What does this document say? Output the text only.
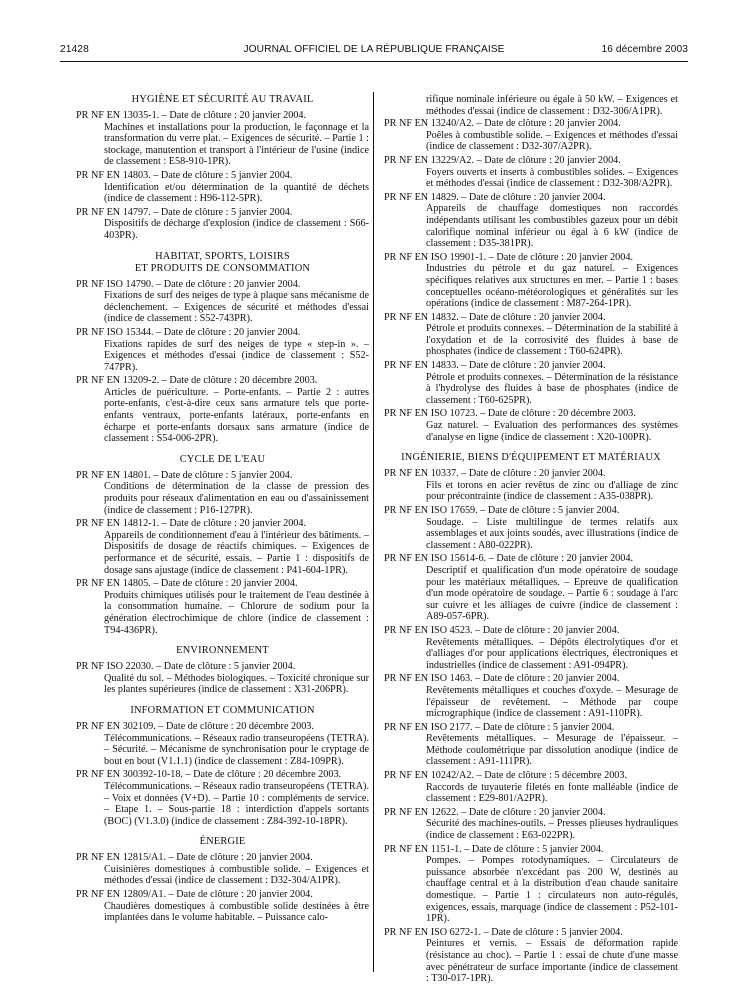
21428	JOURNAL OFFICIEL DE LA RÉPUBLIQUE FRANÇAISE	16 décembre 2003
HYGIÈNE ET SÉCURITÉ AU TRAVAIL
PR NF EN 13035-1. – Date de clôture : 20 janvier 2004.
Machines et installations pour la production, le façonnage et la transformation du verre plat. – Exigences de sécurité. – Partie 1 : stockage, manutention et transport à l'intérieur de l'usine (indice de classement : E58-910-1PR).
PR NF EN 14803. – Date de clôture : 5 janvier 2004.
Identification et/ou détermination de la quantité de déchets (indice de classement : H96-112-5PR).
PR NF EN 14797. – Date de clôture : 5 janvier 2004.
Dispositifs de décharge d'explosion (indice de classement : S66-403PR).
HABITAT, SPORTS, LOISIRS
ET PRODUITS DE CONSOMMATION
PR NF ISO 14790. – Date de clôture : 20 janvier 2004.
Fixations de surf des neiges de type à plaque sans mécanisme de déclenchement. – Exigences de sécurité et méthodes d'essai (indice de classement : S52-743PR).
PR NF ISO 15344. – Date de clôture : 20 janvier 2004.
Fixations rapides de surf des neiges de type « step-in ». – Exigences et méthodes d'essai (indice de classement : S52-747PR).
PR NF EN 13209-2. – Date de clôture : 20 décembre 2003.
Articles de puériculture. – Porte-enfants. – Partie 2 : autres porte-enfants, c'est-à-dire ceux sans armature tels que porte-enfants ventraux, porte-enfants latéraux, porte-enfants en écharpe et porte-enfants dorsaux sans armature (indice de classement : S54-006-2PR).
CYCLE DE L'EAU
PR NF EN 14801. – Date de clôture : 5 janvier 2004.
Conditions de détermination de la classe de pression des produits pour réseaux d'alimentation en eau ou d'assainissement (indice de classement : P16-127PR).
PR NF EN 14812-1. – Date de clôture : 20 janvier 2004.
Appareils de conditionnement d'eau à l'intérieur des bâtiments. – Dispositifs de dosage de réactifs chimiques. – Exigences de performance et de sécurité, essais. – Partie 1 : dispositifs de dosage sans ajustage (indice de classement : P41-604-1PR).
PR NF EN 14805. – Date de clôture : 20 janvier 2004.
Produits chimiques utilisés pour le traitement de l'eau destinée à la consommation humaine. – Chlorure de sodium pour la génération électrochimique de chlore (indice de classement : T94-436PR).
ENVIRONNEMENT
PR NF ISO 22030. – Date de clôture : 5 janvier 2004.
Qualité du sol. – Méthodes biologiques. – Toxicité chronique sur les plantes supérieures (indice de classement : X31-206PR).
INFORMATION ET COMMUNICATION
PR NF EN 302109. – Date de clôture : 20 décembre 2003.
Télécommunications. – Réseaux radio transeuropéens (TETRA). – Sécurité. – Mécanisme de synchronisation pour le cryptage de bout en bout (V1.1.1) (indice de classement : Z84-109PR).
PR NF EN 300392-10-18. – Date de clôture : 20 décembre 2003.
Télécommunications. – Réseaux radio transeuropéens (TETRA). – Voix et données (V+D). – Partie 10 : compléments de service. – Etape 1. – Sous-partie 18 : interdiction d'appels sortants (BOC) (V1.3.0) (indice de classement : Z84-392-10-18PR).
ÉNERGIE
PR NF EN 12815/A1. – Date de clôture : 20 janvier 2004.
Cuisinières domestiques à combustible solide. – Exigences et méthodes d'essai (indice de classement : D32-304/A1PR).
PR NF EN 12809/A1. – Date de clôture : 20 janvier 2004.
Chaudières domestiques à combustible solide destinées à être implantées dans le volume habitable. – Puissance calo-
rifique nominale inférieure ou égale à 50 kW. – Exigences et méthodes d'essai (indice de classement : D32-306/A1PR).
PR NF EN 13240/A2. – Date de clôture : 20 janvier 2004.
Poêles à combustible solide. – Exigences et méthodes d'essai (indice de classement : D32-307/A2PR).
PR NF EN 13229/A2. – Date de clôture : 20 janvier 2004.
Foyers ouverts et inserts à combustibles solides. – Exigences et méthodes d'essai (indice de classement : D32-308/A2PR).
PR NF EN 14829. – Date de clôture : 20 janvier 2004.
Appareils de chauffage domestiques non raccordés indépendants utilisant les combustibles gazeux pour un débit calorifique nominal inférieur ou égal à 6 kW (indice de classement : D35-381PR).
PR NF EN ISO 19901-1. – Date de clôture : 20 janvier 2004.
Industries du pétrole et du gaz naturel. – Exigences spécifiques relatives aux structures en mer. – Partie 1 : bases conceptuelles océano-météorologiques et généralités sur les opérations (indice de classement : M87-264-1PR).
PR NF EN 14832. – Date de clôture : 20 janvier 2004.
Pétrole et produits connexes. – Détermination de la stabilité à l'oxydation et de la corrosivité des fluides à base de phosphates (indice de classement : T60-624PR).
PR NF EN 14833. – Date de clôture : 20 janvier 2004.
Pétrole et produits connexes. – Détermination de la résistance à l'hydrolyse des fluides à base de phosphates (indice de classement : T60-625PR).
PR NF EN ISO 10723. – Date de clôture : 20 décembre 2003.
Gaz naturel. – Evaluation des performances des systèmes d'analyse en ligne (indice de classement : X20-100PR).
INGÉNIERIE, BIENS D'ÉQUIPEMENT ET MATÉRIAUX
PR NF EN 10337. – Date de clôture : 20 janvier 2004.
Fils et torons en acier revêtus de zinc ou d'alliage de zinc pour précontrainte (indice de classement : A35-038PR).
PR NF EN ISO 17659. – Date de clôture : 5 janvier 2004.
Soudage. – Liste multilingue de termes relatifs aux assemblages et aux joints soudés, avec illustrations (indice de classement : A80-022PR).
PR NF EN ISO 15614-6. – Date de clôture : 20 janvier 2004.
Descriptif et qualification d'un mode opératoire de soudage pour les matériaux métalliques. – Epreuve de qualification d'un mode opératoire de soudage. – Partie 6 : soudage à l'arc sur cuivre et les alliages de cuivre (indice de classement : A89-057-6PR).
PR NF EN ISO 4523. – Date de clôture : 20 janvier 2004.
Revêtements métalliques. – Dépôts électrolytiques d'or et d'alliages d'or pour applications électriques, électroniques et industrielles (indice de classement : A91-094PR).
PR NF EN ISO 1463. – Date de clôture : 20 janvier 2004.
Revêtements métalliques et couches d'oxyde. – Mesurage de l'épaisseur de revêtement. – Méthode par coupe micrographique (indice de classement : A91-110PR).
PR NF EN ISO 2177. – Date de clôture : 5 janvier 2004.
Revêtements métalliques. – Mesurage de l'épaisseur. – Méthode coulométrique par dissolution anodique (indice de classement : A91-111PR).
PR NF EN 10242/A2. – Date de clôture : 5 décembre 2003.
Raccords de tuyauterie filetés en fonte malléable (indice de classement : E29-801/A2PR).
PR NF EN 12622. – Date de clôture : 20 janvier 2004.
Sécurité des machines-outils. – Presses plieuses hydrauliques (indice de classement : E63-022PR).
PR NF EN 1151-1. – Date de clôture : 5 janvier 2004.
Pompes. – Pompes rotodynamiques. – Circulateurs de puissance absorbée n'excédant pas 200 W, destinés au chauffage central et à la distribution d'eau chaude sanitaire domestique. – Partie 1 : circulateurs non auto-régulés, exigences, essais, marquage (indice de classement : P52-101-1PR).
PR NF EN ISO 6272-1. – Date de clôture : 5 janvier 2004.
Peintures et vernis. – Essais de déformation rapide (résistance au choc). – Partie 1 : essai de chute d'une masse avec pénétrateur de surface importante (indice de classement : T30-017-1PR).
